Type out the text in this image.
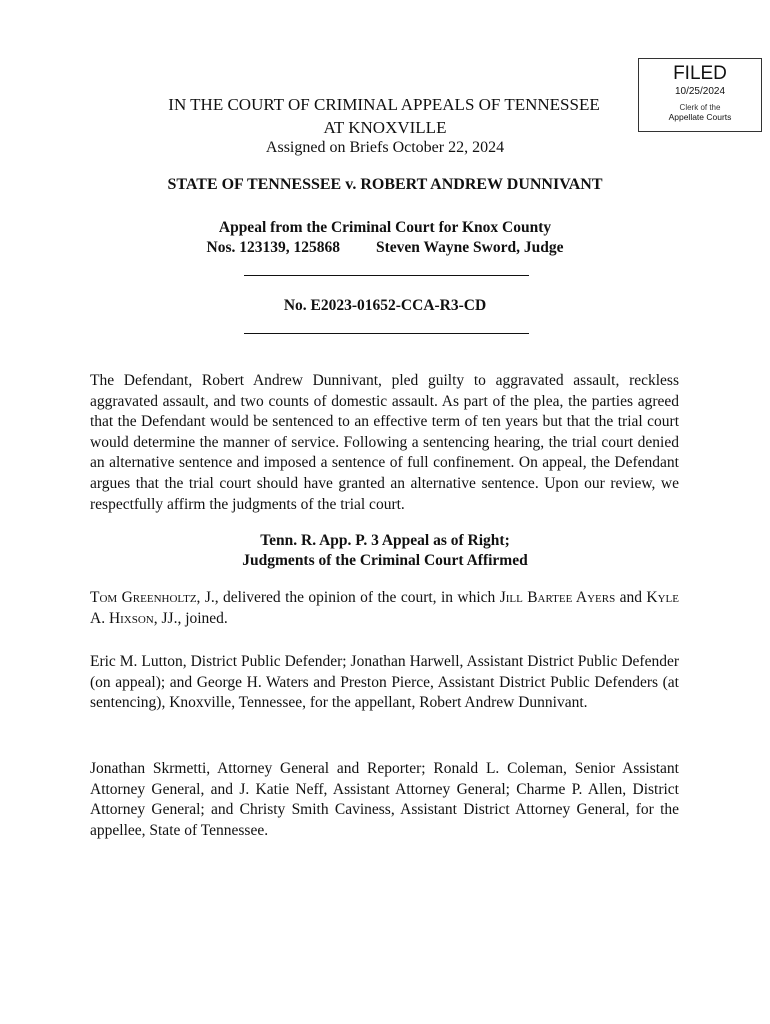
FILED
10/25/2024
Clerk of the
Appellate Courts
IN THE COURT OF CRIMINAL APPEALS OF TENNESSEE
AT KNOXVILLE
Assigned on Briefs October 22, 2024
STATE OF TENNESSEE v. ROBERT ANDREW DUNNIVANT
Appeal from the Criminal Court for Knox County
Nos. 123139, 125868 Steven Wayne Sword, Judge
No. E2023-01652-CCA-R3-CD

The Defendant, Robert Andrew Dunnivant, pled guilty to aggravated assault, reckless aggravated assault, and two counts of domestic assault. As part of the plea, the parties agreed that the Defendant would be sentenced to an effective term of ten years but that the trial court would determine the manner of service. Following a sentencing hearing, the trial court denied an alternative sentence and imposed a sentence of full confinement. On appeal, the Defendant argues that the trial court should have granted an alternative sentence. Upon our review, we respectfully affirm the judgments of the trial court.

Tenn. R. App. P. 3 Appeal as of Right;
Judgments of the Criminal Court Affirmed

Tom Greenholtz, J., delivered the opinion of the court, in which Jill Bartee Ayers and Kyle A. Hixson, JJ., joined.

Eric M. Lutton, District Public Defender; Jonathan Harwell, Assistant District Public Defender (on appeal); and George H. Waters and Preston Pierce, Assistant District Public Defenders (at sentencing), Knoxville, Tennessee, for the appellant, Robert Andrew Dunnivant.

Jonathan Skrmetti, Attorney General and Reporter; Ronald L. Coleman, Senior Assistant Attorney General, and J. Katie Neff, Assistant Attorney General; Charme P. Allen, District Attorney General; and Christy Smith Caviness, Assistant District Attorney General, for the appellee, State of Tennessee.
